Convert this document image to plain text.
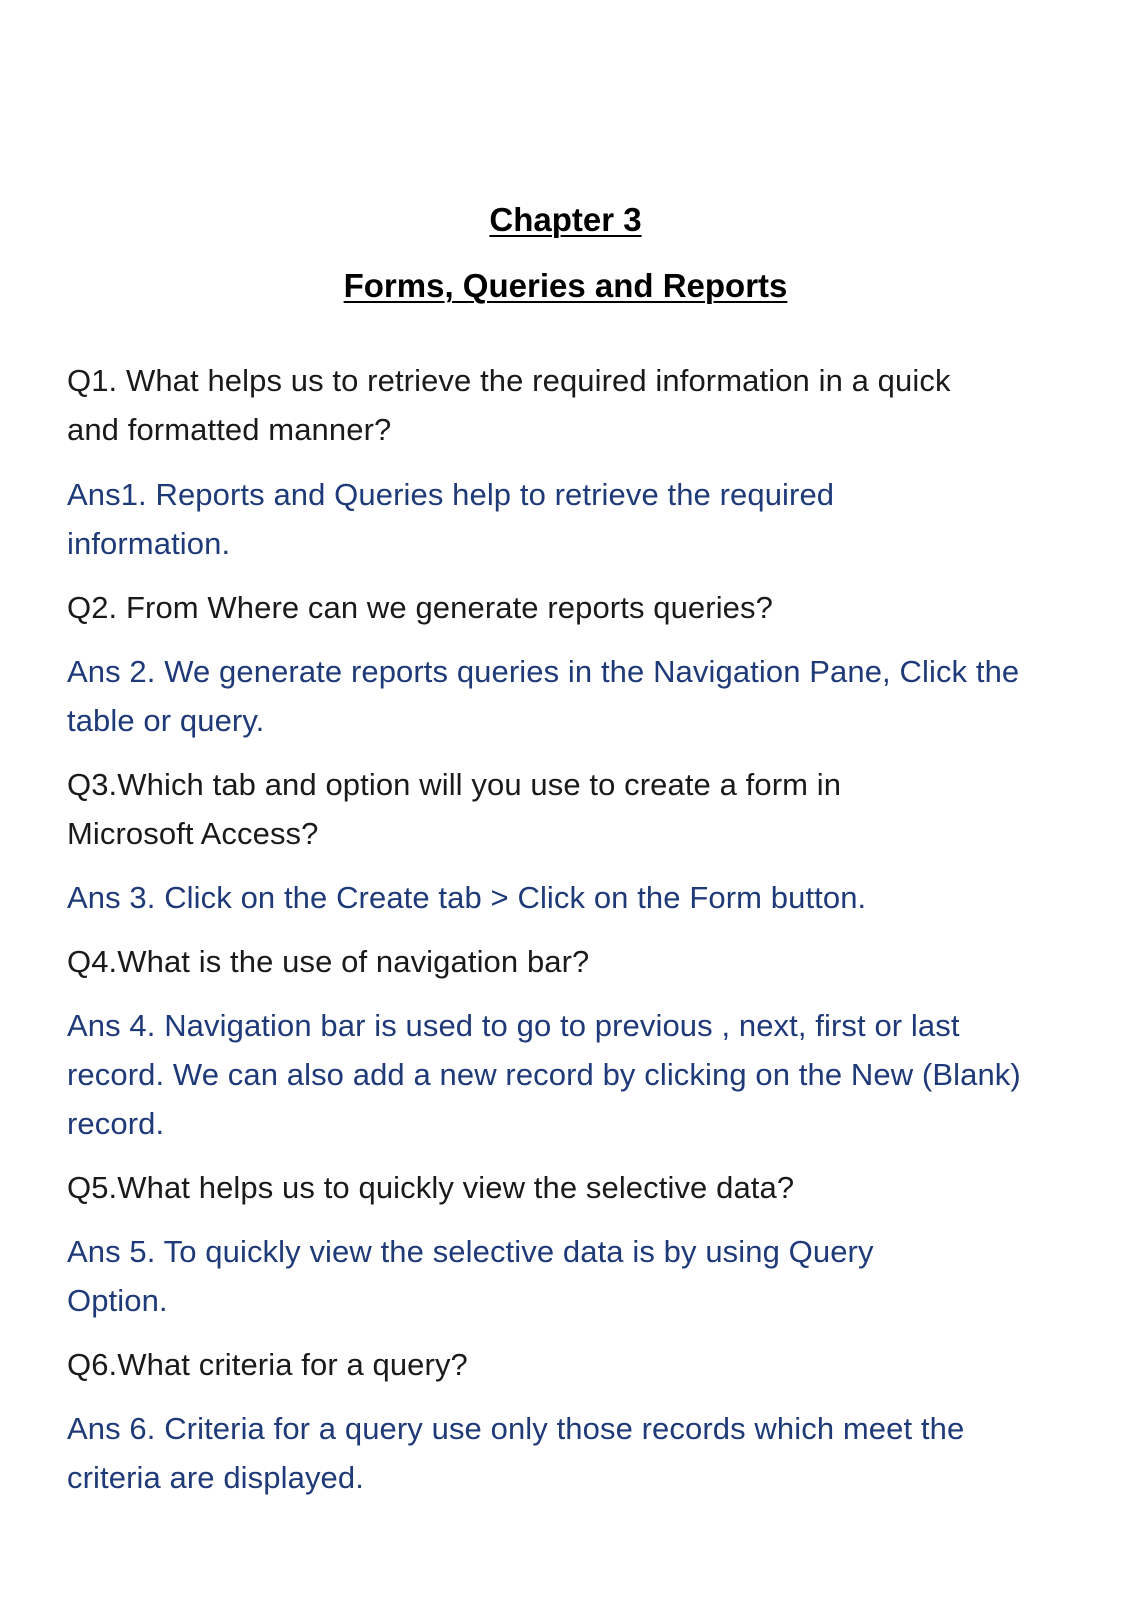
Chapter 3
Forms, Queries and Reports

Q1. What helps us to retrieve the required information in a quick and formatted manner?

Ans1. Reports and Queries help to retrieve the required information.

Q2. From Where can we generate reports queries?

Ans 2. We generate reports queries in the Navigation Pane, Click the table or query.

Q3.Which tab and option will you use to create a form in Microsoft Access?

Ans 3. Click on the Create tab > Click on the Form button.

Q4.What is the use of navigation bar?

Ans 4. Navigation bar is used to go to previous , next, first or last record. We can also add a new record by clicking on the New (Blank) record.

Q5.What helps us to quickly view the selective data?

Ans 5. To quickly view the selective data is by using Query Option.

Q6.What criteria for a query?

Ans 6. Criteria for a query use only those records which meet the criteria are displayed.
